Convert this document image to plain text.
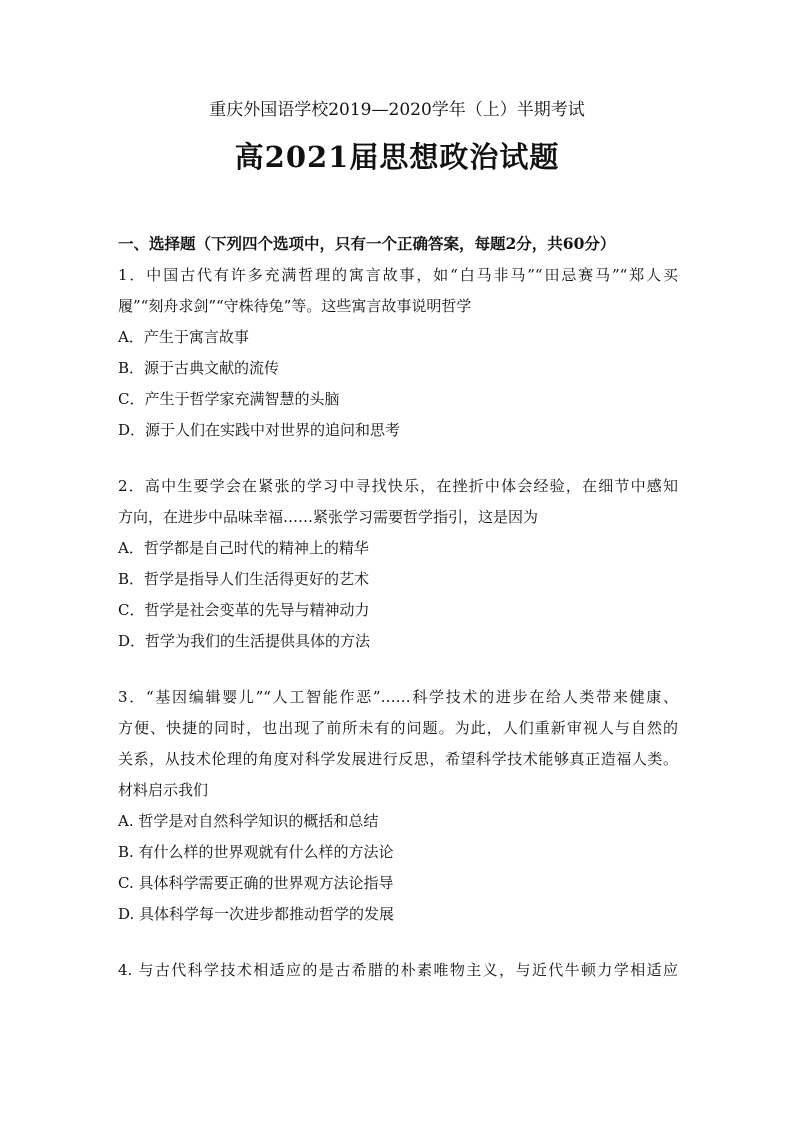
重庆外国语学校2019—2020学年（上）半期考试
高2021届思想政治试题
一、选择题（下列四个选项中，只有一个正确答案，每题2分，共60分）
1．中国古代有许多充满哲理的寓言故事，如“白马非马”“田忌赛马”“郑人买
履”“刻舟求剑”“守株待兔”等。这些寓言故事说明哲学
A．产生于寓言故事
B．源于古典文献的流传
C．产生于哲学家充满智慧的头脑
D．源于人们在实践中对世界的追问和思考
2．高中生要学会在紧张的学习中寻找快乐，在挫折中体会经验，在细节中感知
方向，在进步中品味幸福……紧张学习需要哲学指引，这是因为
A．哲学都是自己时代的精神上的精华
B．哲学是指导人们生活得更好的艺术
C．哲学是社会变革的先导与精神动力
D．哲学为我们的生活提供具体的方法
3．“基因编辑婴儿”“人工智能作恶”……科学技术的进步在给人类带来健康、
方便、快捷的同时，也出现了前所未有的问题。为此，人们重新审视人与自然的
关系，从技术伦理的角度对科学发展进行反思，希望科学技术能够真正造福人类。
材料启示我们
A. 哲学是对自然科学知识的概括和总结
B. 有什么样的世界观就有什么样的方法论
C. 具体科学需要正确的世界观方法论指导
D. 具体科学每一次进步都推动哲学的发展
4. 与古代科学技术相适应的是古希腊的朴素唯物主义，与近代牛顿力学相适应
